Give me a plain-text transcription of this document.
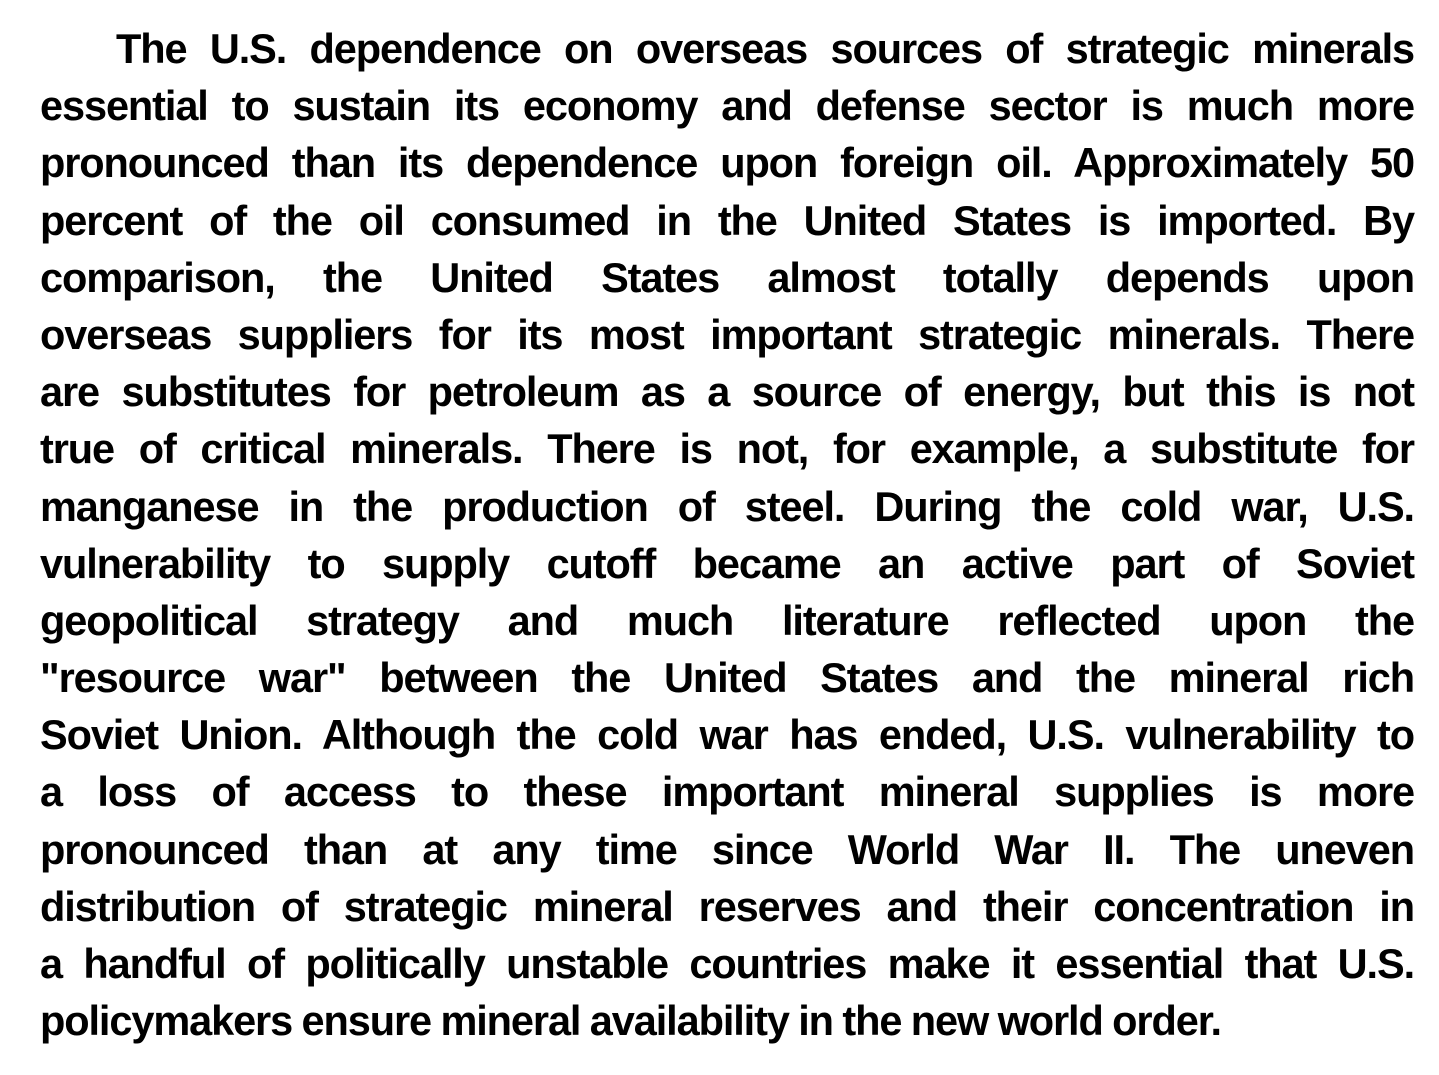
The U.S. dependence on overseas sources of strategic minerals
essential to sustain its economy and defense sector is much more
pronounced than its dependence upon foreign oil. Approximately 50
percent of the oil consumed in the United States is imported. By
comparison, the United States almost totally depends upon
overseas suppliers for its most important strategic minerals. There
are substitutes for petroleum as a source of energy, but this is not
true of critical minerals. There is not, for example, a substitute for
manganese in the production of steel. During the cold war, U.S.
vulnerability to supply cutoff became an active part of Soviet
geopolitical strategy and much literature reflected upon the
"resource war" between the United States and the mineral rich
Soviet Union. Although the cold war has ended, U.S. vulnerability to
a loss of access to these important mineral supplies is more
pronounced than at any time since World War II. The uneven
distribution of strategic mineral reserves and their concentration in
a handful of politically unstable countries make it essential that U.S.
policymakers ensure mineral availability in the new world order.
